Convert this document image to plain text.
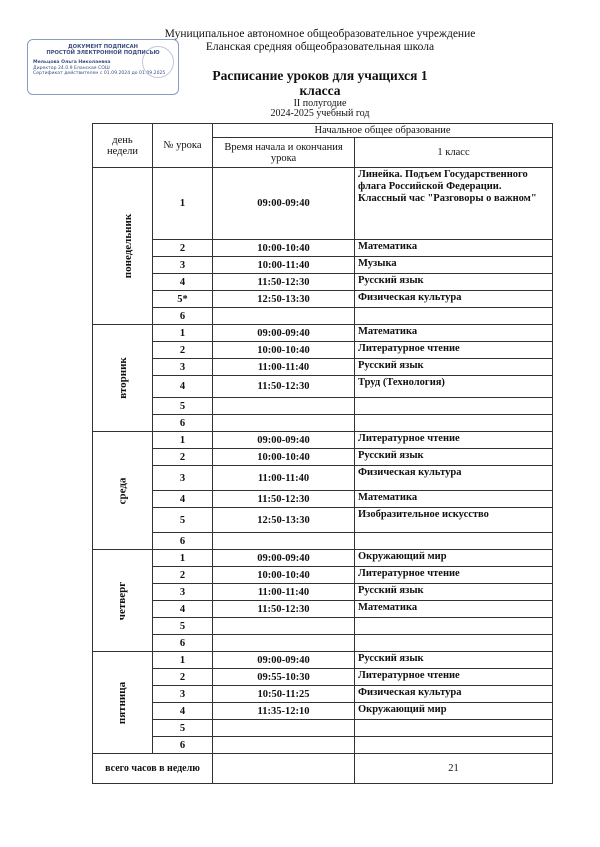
Муниципальное автономное общеобразовательное учреждение
Еланская средняя общеобразовательная школа
ДОКУМЕНТ ПОДПИСАН
ПРОСТОЙ ЭЛЕКТРОННОЙ ПОДПИСЬЮ
Мельцова Ольга Николаевна
Директор 24.0.9 Еланская СОШ
Сертификат действителен с 01.09.2024 до 01.09.2025	Расписание уроков для учащихся 1
класса
II полугодие
2024-2025 учебный год
день недели	№ урока	Начальное общее образование	
		Время начала и окончания урока	1 класс
понедельник	1	09:00-09:40	Линейка. Подъем Государственного флага Российской Федерации. Классный час "Разговоры о важном"
	2	10:00-10:40	Математика
	3	10:00-11:40	Музыка
	4	11:50-12:30	Русский язык
	5*	12:50-13:30	Физическая культура
	6		
вторник	1	09:00-09:40	Математика
	2	10:00-10:40	Литературное чтение
	3	11:00-11:40	Русский язык
	4	11:50-12:30	Труд (Технология)
	5		
	6		
среда	1	09:00-09:40	Литературное чтение
	2	10:00-10:40	Русский язык
	3	11:00-11:40	Физическая культура
	4	11:50-12:30	Математика
	5	12:50-13:30	Изобразительное искусство
	6		
четверг	1	09:00-09:40	Окружающий мир
	2	10:00-10:40	Литературное чтение
	3	11:00-11:40	Русский язык
	4	11:50-12:30	Математика
	5		
	6		
пятница	1	09:00-09:40	Русский язык
	2	09:55-10:30	Литературное чтение
	3	10:50-11:25	Физическая культура
	4	11:35-12:10	Окружающий мир
	5		
	6		
всего часов в неделю			21
